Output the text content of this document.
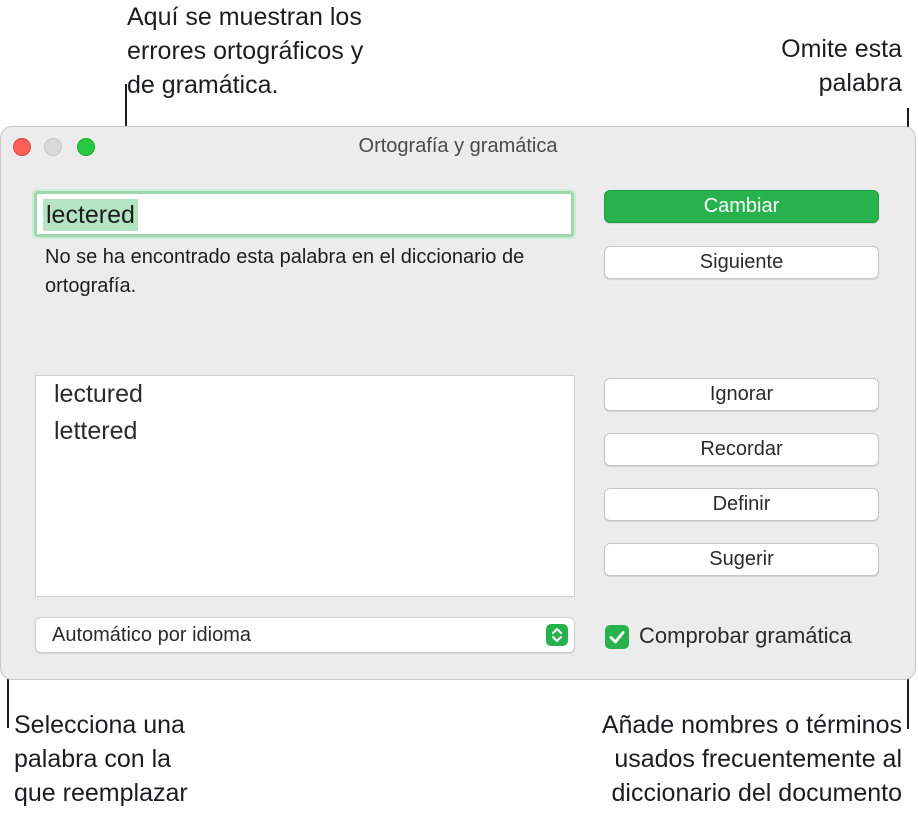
Aquí se muestran los
errores ortográficos y
de gramática.
Omite esta
palabra
Selecciona una
palabra con la
que reemplazar
Añade nombres o términos
usados frecuentemente al
diccionario del documento
Ortografía y gramática
lectered
No se ha encontrado esta palabra en el diccionario de ortografía.
Cambiar
Siguiente
lectured
lettered
Ignorar
Recordar
Definir
Sugerir
Automático por idioma	Comprobar gramática
